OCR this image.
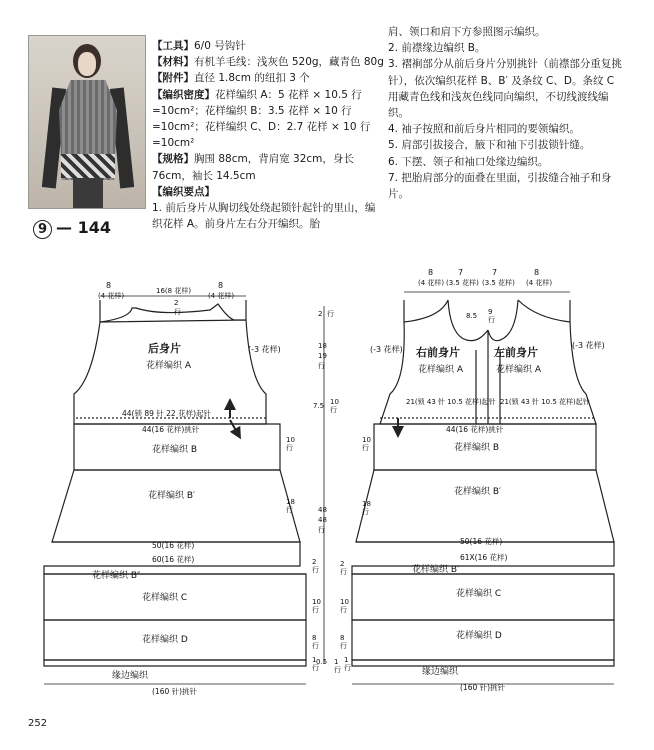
9 — 144

【工具】6/0 号钩针

【材料】有机羊毛线：浅灰色 520g，藏青色 80g

【附件】直径 1.8cm 的纽扣 3 个

【编织密度】花样编织 A：5 花样 × 10.5 行 =10cm²；花样编织 B：3.5 花样 × 10 行 =10cm²；花样编织 C、D：2.7 花样 × 10 行 =10cm²

【规格】胸围 88cm，背肩宽 32cm，身长 76cm，袖长 14.5cm

【编织要点】

1. 前后身片从胸切线处绕起锁针起针的里山，编织花样 A。前身片左右分开编织。胎

肩、领口和肩下方参照图示编织。

2. 前襟缘边编织 B。

3. 褶裥部分从前后身片分别挑针（前襟部分重复挑针），依次编织花样 B、B′ 及条纹 C、D。条纹 C 用藏青色线和浅灰色线同向编织，不切线渡线编织。

4. 袖子按照和前后身片相同的要领编织。

5. 肩部引拔接合，腋下和袖下引拔锁针缝。

6. 下摆、领子和袖口处缘边编织。

7. 把胎肩部分的面叠在里面，引拔缝合袖子和身片。

8
(4 花样)
16(8 花样)
8
(4 花样)
2
行
(-3 花样)
后身片
花样编织 A
44(锁 89 针 22 花样)起针
44(16 花样)挑针
花样编织 B
花样编织 B′
50(16 花样)
60(16 花样)
花样编织 B″
花样编织 C
花样编织 D
缘边编织
(160 针)挑针
10
行
18
行
2
行
10
行
8
行
1
行
2 行
18
19
行
7.5 10
行
48
48
行
0.5 1
行
8
(4 花样)
7
(3.5 花样)
7
(3.5 花样)
8
(4 花样)
8.5 9
行
(-3 花样)	(-3 花样)
右前身片	左前身片
花样编织 A	花样编织 A
21(锁 43 针 10.5 花样)起针 21(锁 43 针 10.5 花样)起针
44(16 花样)挑针
花样编织 B
花样编织 B′
50(16 花样)
61X(16 花样)
花样编织 B″
花样编织 C
花样编织 D
缘边编织
(160 针)挑针
10
行
18
行
2
行
10
行
8
行
1
行
252
